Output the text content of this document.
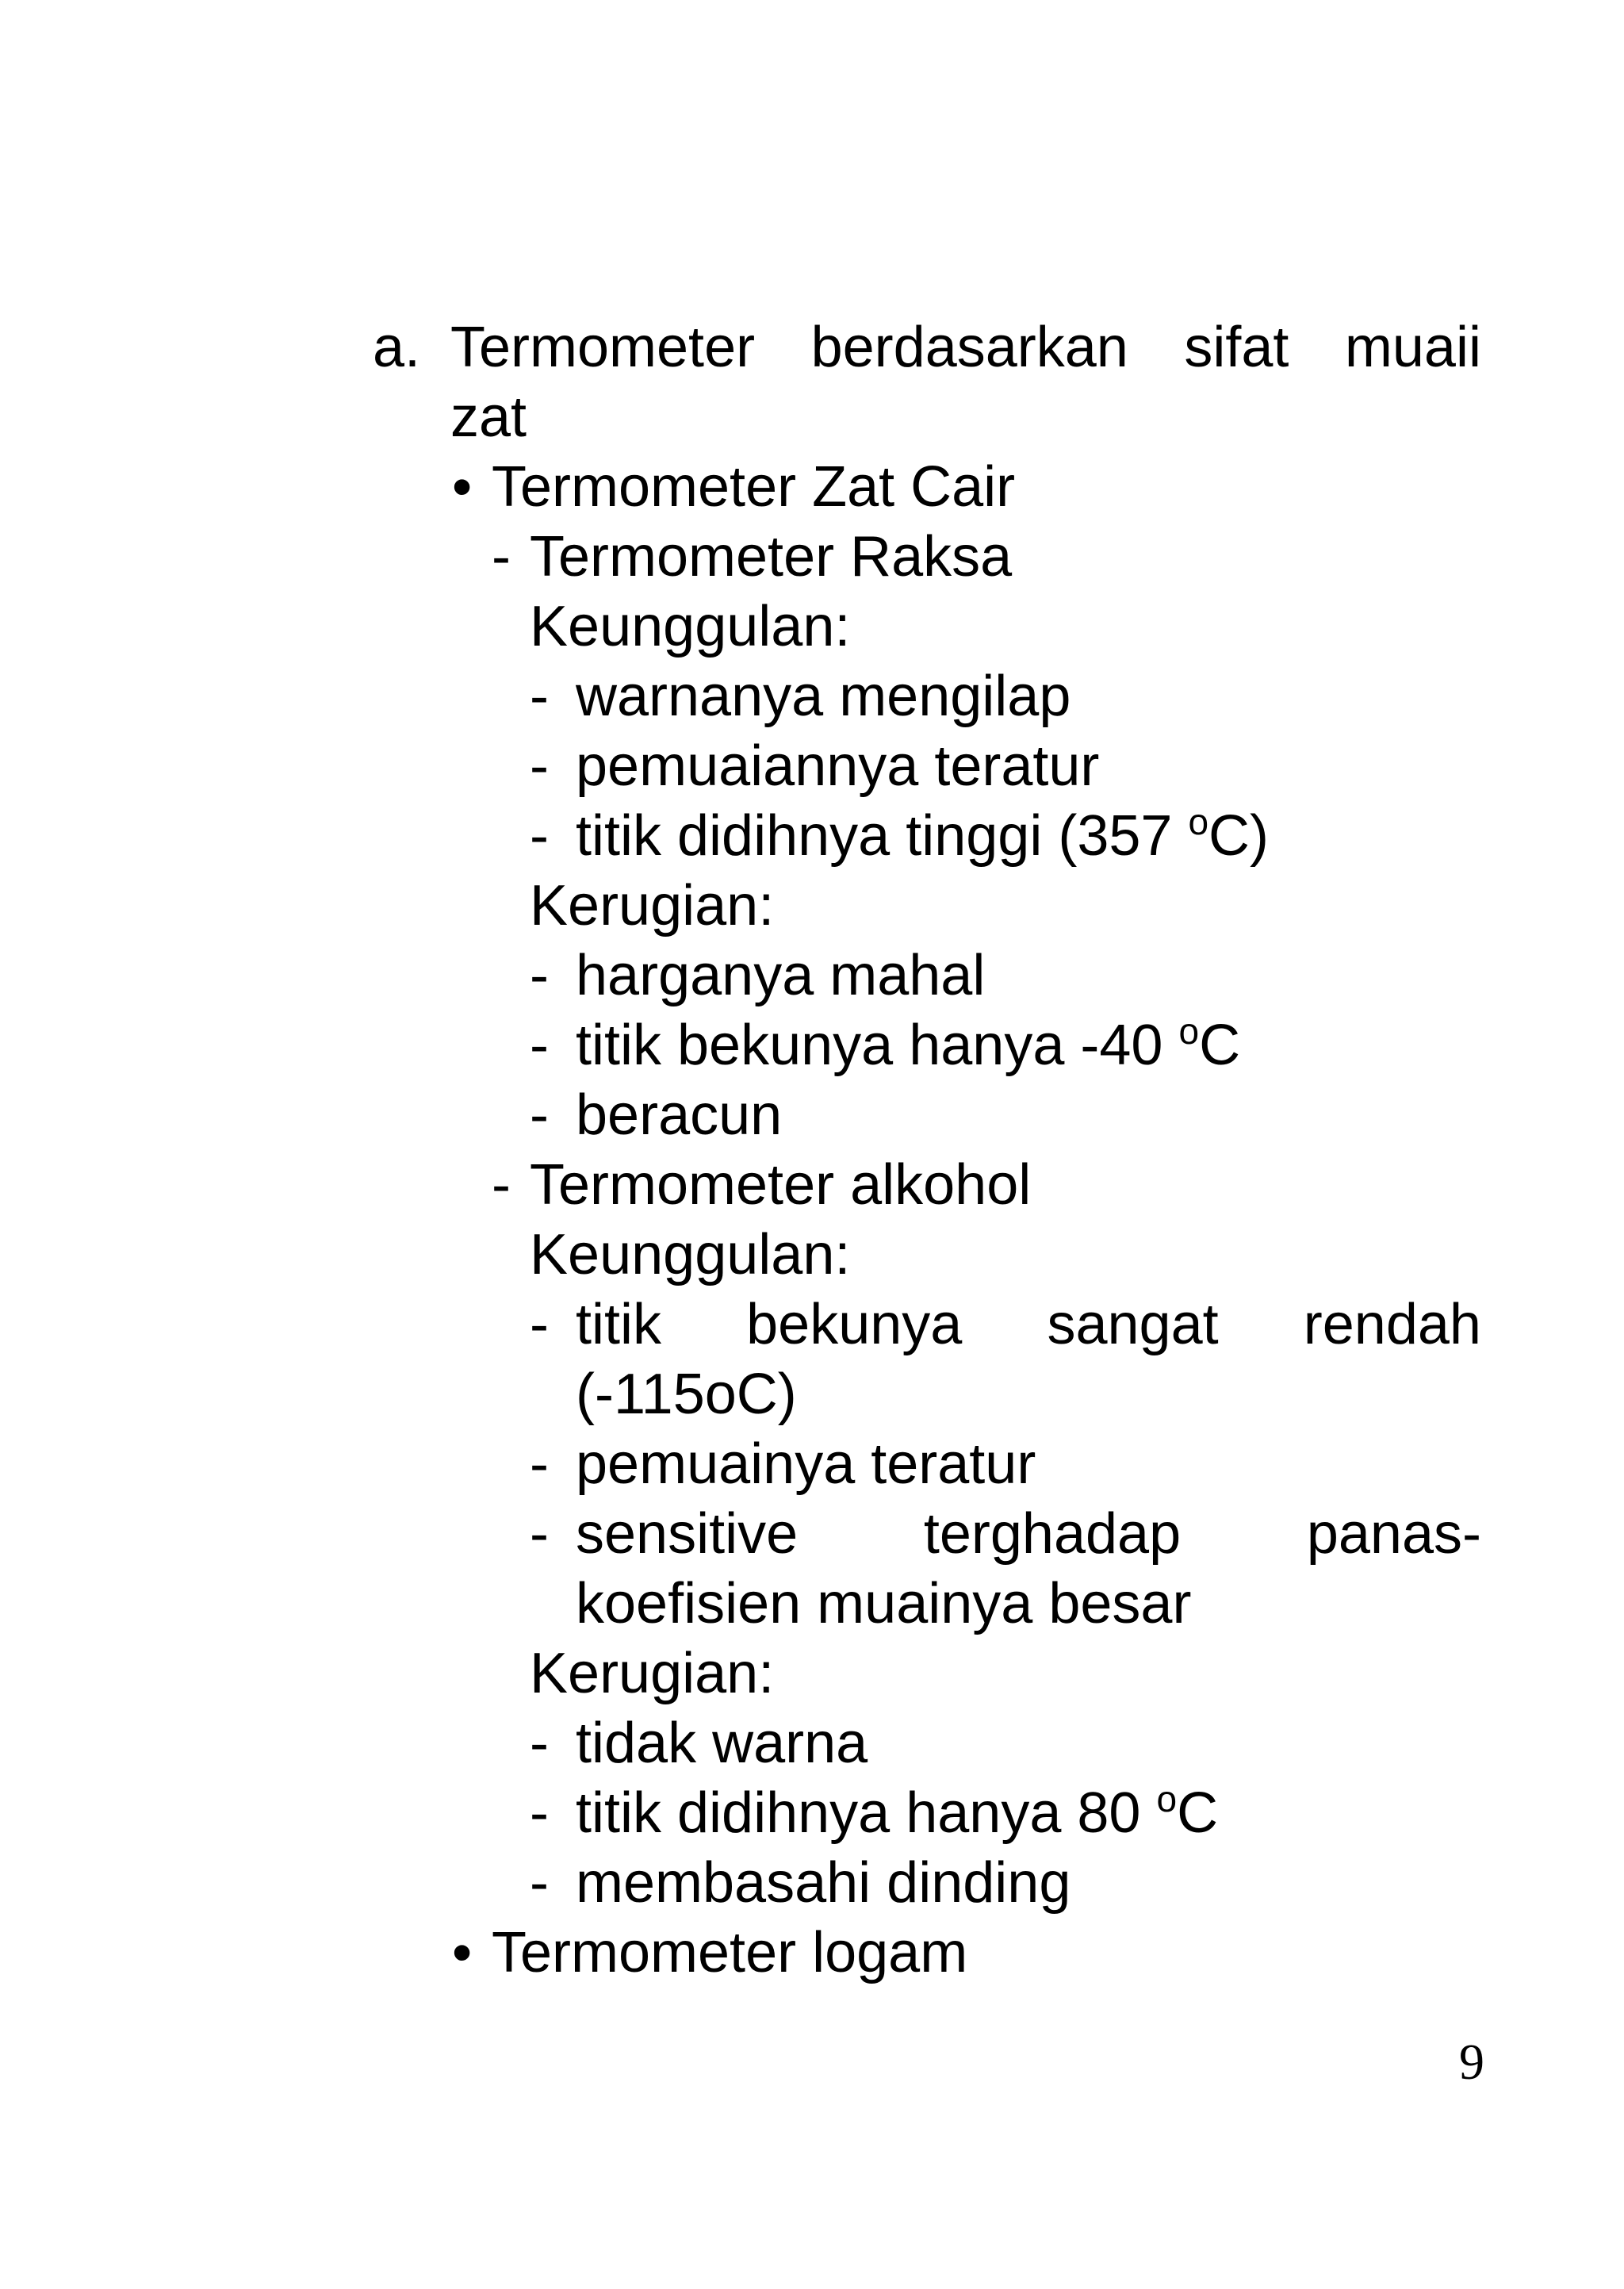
a. Termometer berdasarkan sifat muaii
zat
• Termometer Zat Cair
- Termometer Raksa
Keunggulan:
- warnanya mengilap
- pemuaiannya teratur
- titik didihnya tinggi (357 $^o$C)
Kerugian:
- harganya mahal
- titik bekunya hanya -40 $^o$C
- beracun
- Termometer alkohol
Keunggulan:
- titik bekunya sangat rendah
(-115oC)
- pemuainya teratur
- sensitive terghadap panas-
koefisien muainya besar
Kerugian:
- tidak warna
- titik didihnya hanya 80 $^o$C
- membasahi dinding
• Termometer logam
9
